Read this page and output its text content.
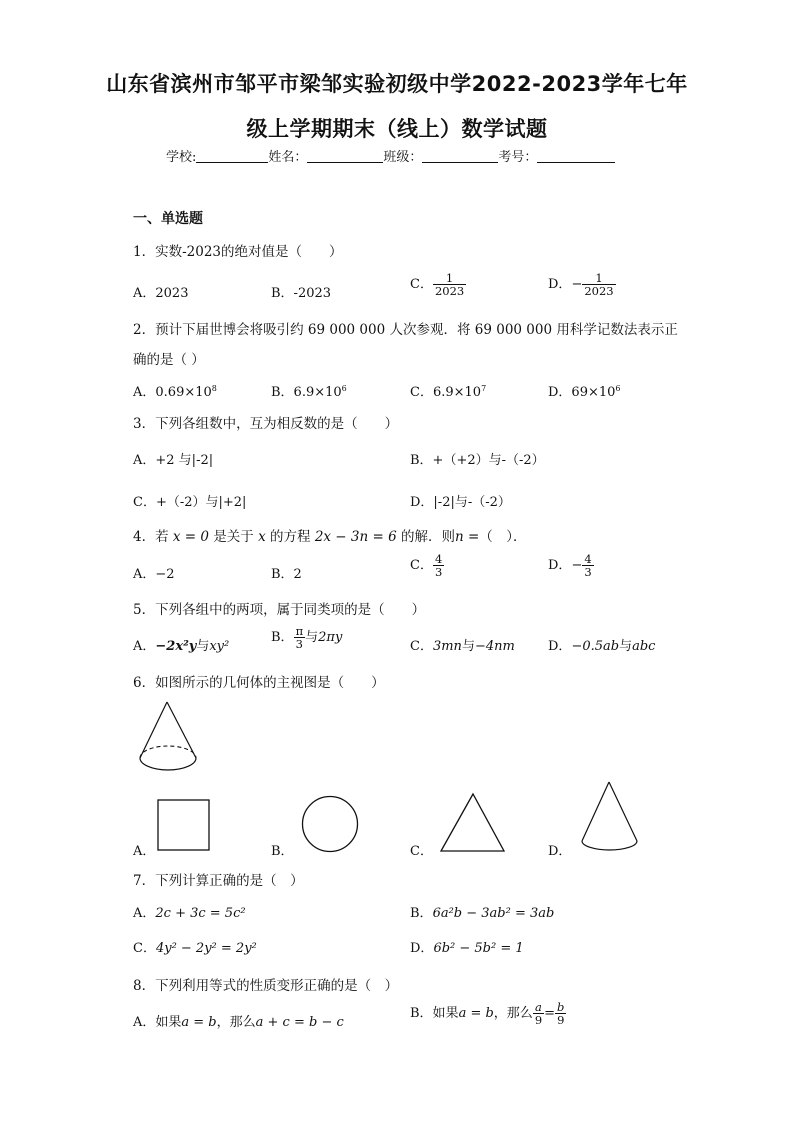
山东省滨州市邹平市梁邹实验初级中学2022-2023学年七年
级上学期期末（线上）数学试题
学校:	姓名：	班级：	考号：
一、单选题
1．实数-2023的绝对值是（　　）
A．2023	B．-2023
C． $\frac{1}{2023}$	D．− $\frac{1}{2023}$
2．预计下届世博会将吸引约 69 000 000 人次参观．将 69 000 000 用科学记数法表示正
确的是（ ）
A．$0.69\times 10^8$	B．$6.9\times 10^6$	C．$6.9\times 10^7$	D．$69\times 10^6$
3．下列各组数中，互为相反数的是（　　）
A．+2 与|-2|	B．+（+2）与-（-2）
C．+（-2）与|+2|	D．|-2|与-（-2）
4．若 x = 0 是关于 x 的方程 2x − 3n = 6 的解．则n =（　）．
A．−2	B．2
C． $\frac{4}{3}$	D．− $\frac{4}{3}$
5．下列各组中的两项，属于同类项的是（　　）
A．−2x²y与xy²
B． $\frac{\pi}{3}$ 与2πy
C．3mn与−4nm	D．−0.5ab与abc
6．如图所示的几何体的主视图是（　　）
A．	B．	C．	D．
7．下列计算正确的是（　）
A．2c + 3c = 5c²	B．6a²b − 3ab² = 3ab
C．4y² − 2y² = 2y²	D．6b² − 5b² = 1
8．下列利用等式的性质变形正确的是（　）
A．如果a = b，那么a + c = b − c
B．如果a = b，那么 $\frac{a}{9} = \frac{b}{9}$
